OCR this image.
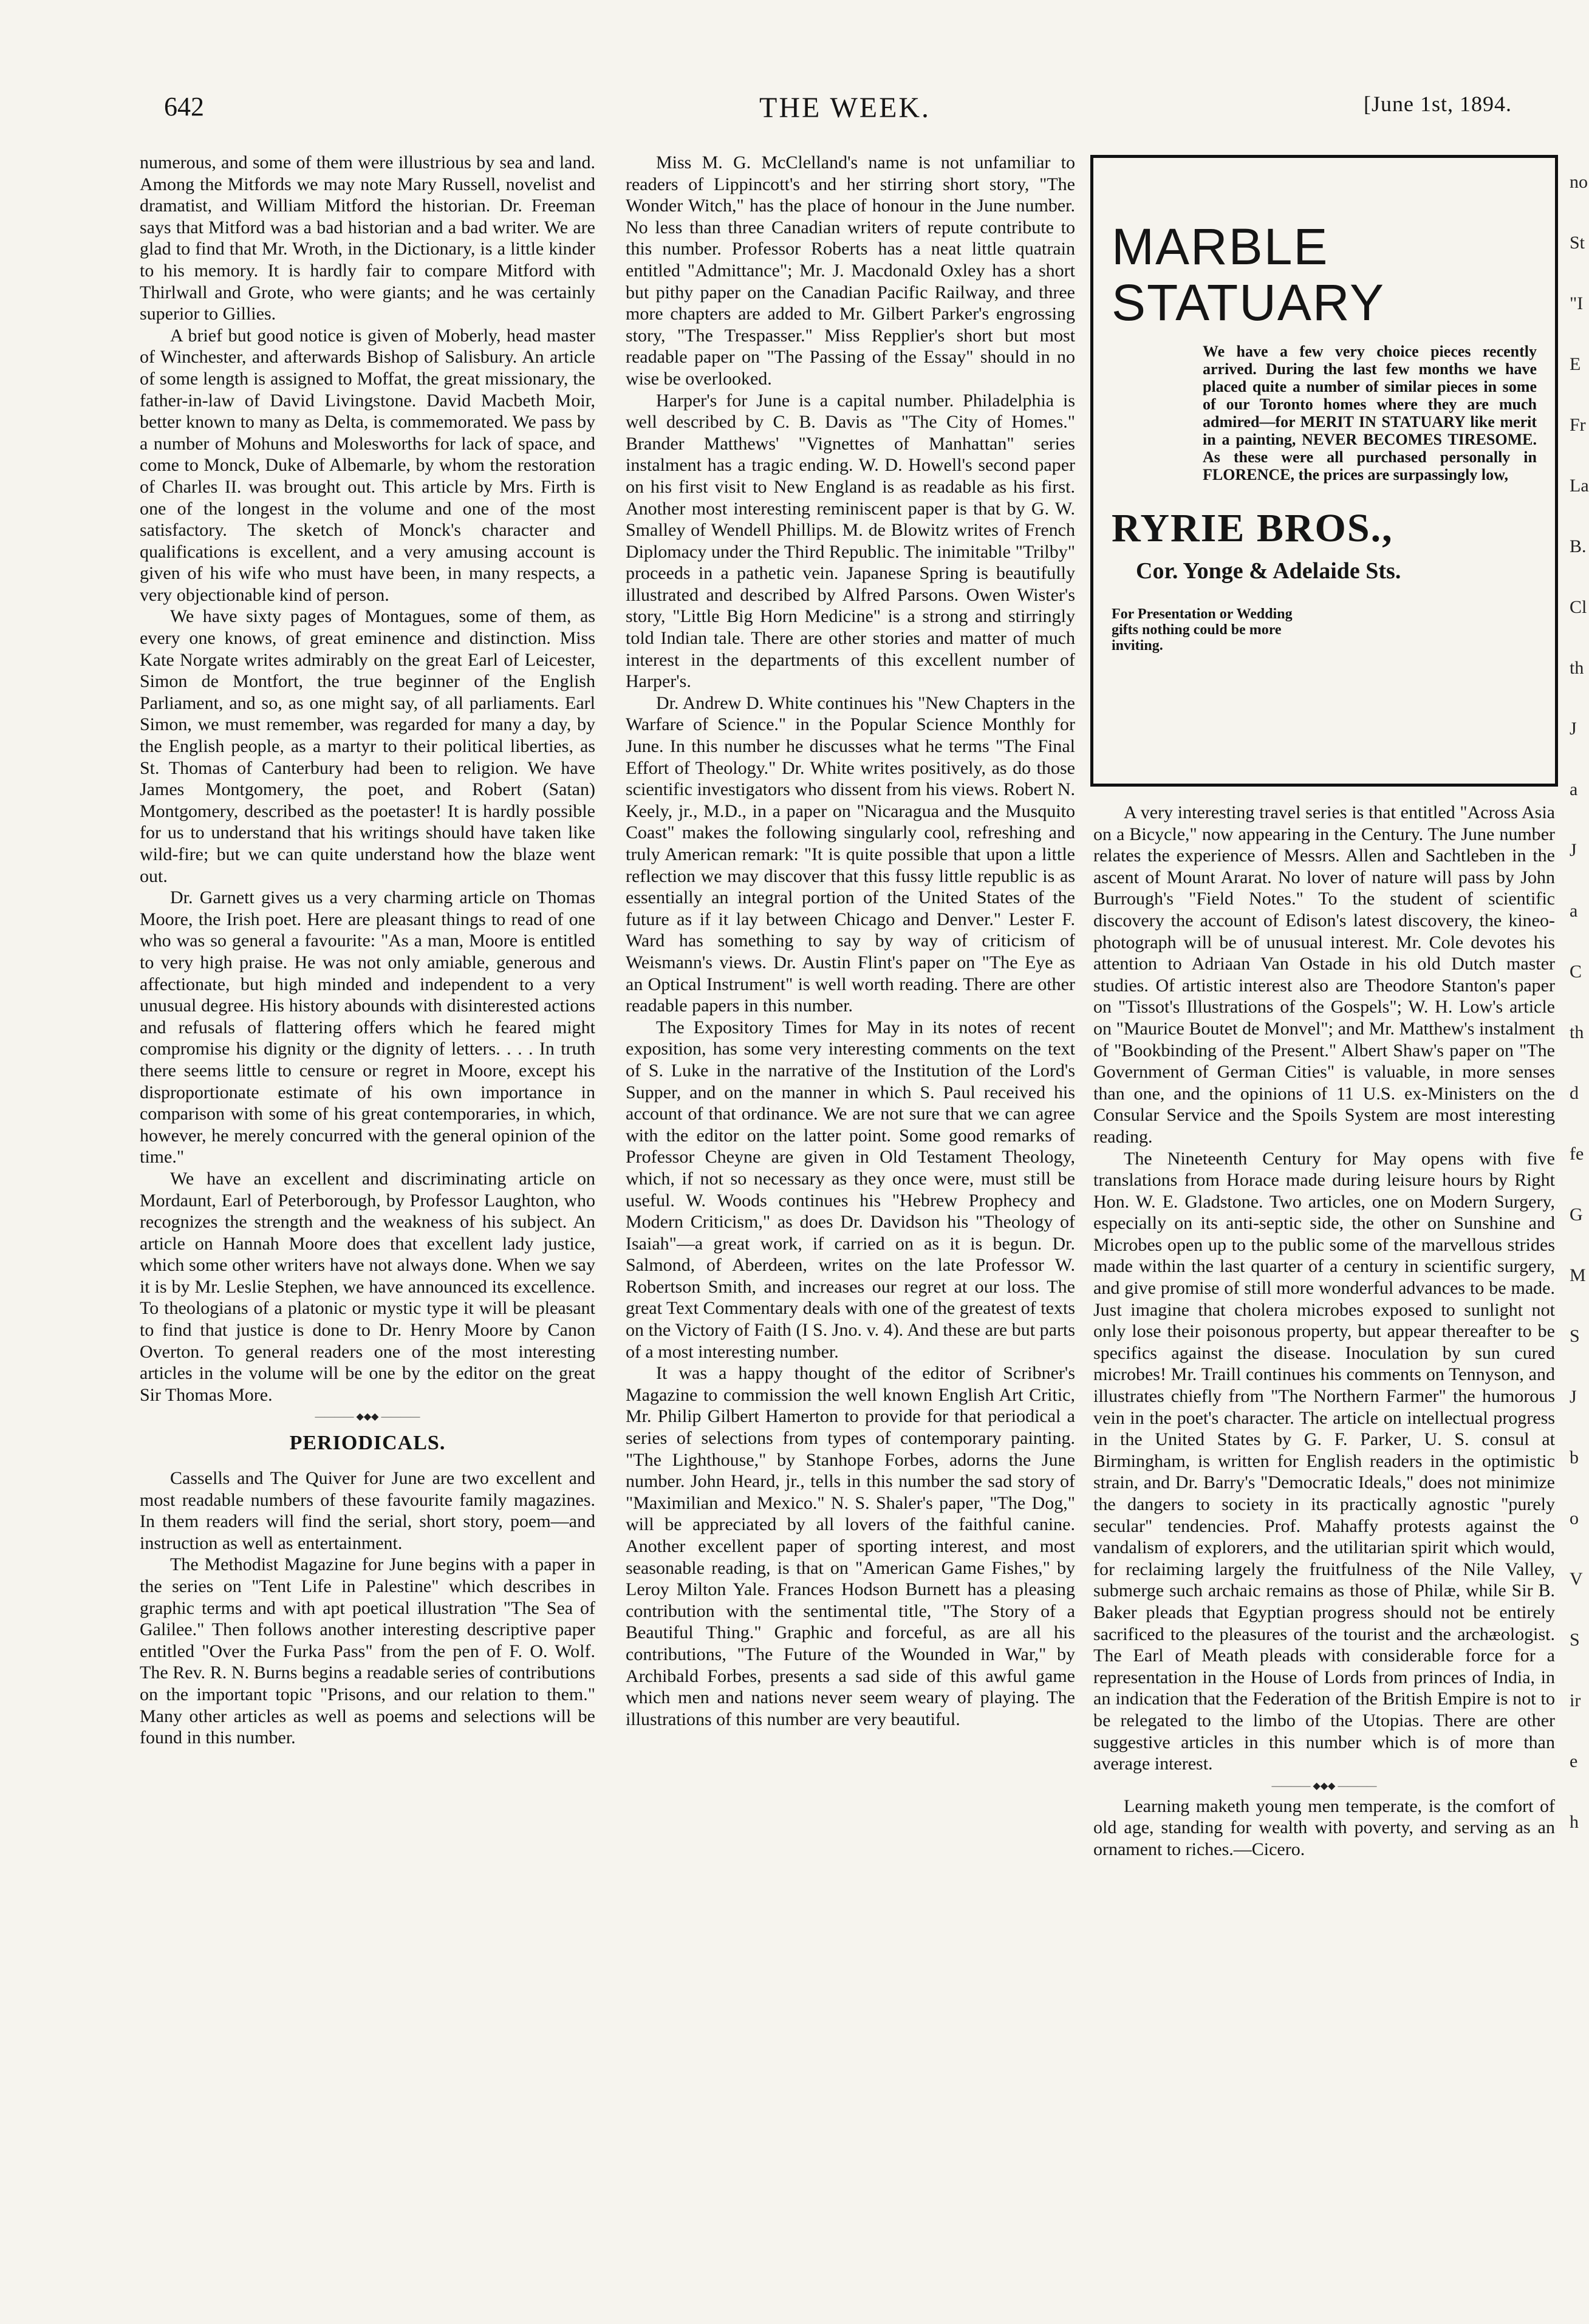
642	THE WEEK.	[June 1st, 1894.

numerous, and some of them were illustrious by sea and land. Among the Mitfords we may note Mary Russell, novelist and dramatist, and William Mitford the historian. Dr. Freeman says that Mitford was a bad historian and a bad writer. We are glad to find that Mr. Wroth, in the Dictionary, is a little kinder to his memory. It is hardly fair to compare Mitford with Thirlwall and Grote, who were giants; and he was certainly superior to Gillies.

A brief but good notice is given of Moberly, head master of Winchester, and afterwards Bishop of Salisbury. An article of some length is assigned to Moffat, the great missionary, the father-in-law of David Livingstone. David Macbeth Moir, better known to many as Delta, is commemorated. We pass by a number of Mohuns and Molesworths for lack of space, and come to Monck, Duke of Albemarle, by whom the restoration of Charles II. was brought out. This article by Mrs. Firth is one of the longest in the volume and one of the most satisfactory. The sketch of Monck's character and qualifications is excellent, and a very amusing account is given of his wife who must have been, in many respects, a very objectionable kind of person.

We have sixty pages of Montagues, some of them, as every one knows, of great eminence and distinction. Miss Kate Norgate writes admirably on the great Earl of Leicester, Simon de Montfort, the true beginner of the English Parliament, and so, as one might say, of all parliaments. Earl Simon, we must remember, was regarded for many a day, by the English people, as a martyr to their political liberties, as St. Thomas of Canterbury had been to religion. We have James Montgomery, the poet, and Robert (Satan) Montgomery, described as the poetaster! It is hardly possible for us to understand that his writings should have taken like wild-fire; but we can quite understand how the blaze went out.

Dr. Garnett gives us a very charming article on Thomas Moore, the Irish poet. Here are pleasant things to read of one who was so general a favourite: "As a man, Moore is entitled to very high praise. He was not only amiable, generous and affectionate, but high minded and independent to a very unusual degree. His history abounds with disinterested actions and refusals of flattering offers which he feared might compromise his dignity or the dignity of letters. . . . In truth there seems little to censure or regret in Moore, except his disproportionate estimate of his own importance in comparison with some of his great contemporaries, in which, however, he merely concurred with the general opinion of the time."

We have an excellent and discriminating article on Mordaunt, Earl of Peterborough, by Professor Laughton, who recognizes the strength and the weakness of his subject. An article on Hannah Moore does that excellent lady justice, which some other writers have not always done. When we say it is by Mr. Leslie Stephen, we have announced its excellence. To theologians of a platonic or mystic type it will be pleasant to find that justice is done to Dr. Henry Moore by Canon Overton. To general readers one of the most interesting articles in the volume will be one by the editor on the great Sir Thomas More.

———— ◆◆◆ ————
PERIODICALS.

Cassells and The Quiver for June are two excellent and most readable numbers of these favourite family magazines. In them readers will find the serial, short story, poem—and instruction as well as entertainment.

The Methodist Magazine for June begins with a paper in the series on "Tent Life in Palestine" which describes in graphic terms and with apt poetical illustration "The Sea of Galilee." Then follows another interesting descriptive paper entitled "Over the Furka Pass" from the pen of F. O. Wolf. The Rev. R. N. Burns begins a readable series of contributions on the important topic "Prisons, and our relation to them." Many other articles as well as poems and selections will be found in this number.

Miss M. G. McClelland's name is not unfamiliar to readers of Lippincott's and her stirring short story, "The Wonder Witch," has the place of honour in the June number. No less than three Canadian writers of repute contribute to this number. Professor Roberts has a neat little quatrain entitled "Admittance"; Mr. J. Macdonald Oxley has a short but pithy paper on the Canadian Pacific Railway, and three more chapters are added to Mr. Gilbert Parker's engrossing story, "The Trespasser." Miss Repplier's short but most readable paper on "The Passing of the Essay" should in no wise be overlooked.

Harper's for June is a capital number. Philadelphia is well described by C. B. Davis as "The City of Homes." Brander Matthews' "Vignettes of Manhattan" series instalment has a tragic ending. W. D. Howell's second paper on his first visit to New England is as readable as his first. Another most interesting reminiscent paper is that by G. W. Smalley of Wendell Phillips. M. de Blowitz writes of French Diplomacy under the Third Republic. The inimitable "Trilby" proceeds in a pathetic vein. Japanese Spring is beautifully illustrated and described by Alfred Parsons. Owen Wister's story, "Little Big Horn Medicine" is a strong and stirringly told Indian tale. There are other stories and matter of much interest in the departments of this excellent number of Harper's.

Dr. Andrew D. White continues his "New Chapters in the Warfare of Science." in the Popular Science Monthly for June. In this number he discusses what he terms "The Final Effort of Theology." Dr. White writes positively, as do those scientific investigators who dissent from his views. Robert N. Keely, jr., M.D., in a paper on "Nicaragua and the Musquito Coast" makes the following singularly cool, refreshing and truly American remark: "It is quite possible that upon a little reflection we may discover that this fussy little republic is as essentially an integral portion of the United States of the future as if it lay between Chicago and Denver." Lester F. Ward has something to say by way of criticism of Weismann's views. Dr. Austin Flint's paper on "The Eye as an Optical Instrument" is well worth reading. There are other readable papers in this number.

The Expository Times for May in its notes of recent exposition, has some very interesting comments on the text of S. Luke in the narrative of the Institution of the Lord's Supper, and on the manner in which S. Paul received his account of that ordinance. We are not sure that we can agree with the editor on the latter point. Some good remarks of Professor Cheyne are given in Old Testament Theology, which, if not so necessary as they once were, must still be useful. W. Woods continues his "Hebrew Prophecy and Modern Criticism," as does Dr. Davidson his "Theology of Isaiah"—a great work, if carried on as it is begun. Dr. Salmond, of Aberdeen, writes on the late Professor W. Robertson Smith, and increases our regret at our loss. The great Text Commentary deals with one of the greatest of texts on the Victory of Faith (I S. Jno. v. 4). And these are but parts of a most interesting number.

It was a happy thought of the editor of Scribner's Magazine to commission the well known English Art Critic, Mr. Philip Gilbert Hamerton to provide for that periodical a series of selections from types of contemporary painting. "The Lighthouse," by Stanhope Forbes, adorns the June number. John Heard, jr., tells in this number the sad story of "Maximilian and Mexico." N. S. Shaler's paper, "The Dog," will be appreciated by all lovers of the faithful canine. Another excellent paper of sporting interest, and most seasonable reading, is that on "American Game Fishes," by Leroy Milton Yale. Frances Hodson Burnett has a pleasing contribution with the sentimental title, "The Story of a Beautiful Thing." Graphic and forceful, as are all his contributions, "The Future of the Wounded in War," by Archibald Forbes, presents a sad side of this awful game which men and nations never seem weary of playing. The illustrations of this number are very beautiful.

MARBLE STATUARY
We have a few very choice pieces recently arrived. During the last few months we have placed quite a number of similar pieces in some of our Toronto homes where they are much admired—for MERIT IN STATUARY like merit in a painting, NEVER BECOMES TIRESOME. As these were all purchased personally in FLORENCE, the prices are surpassingly low,
RYRIE BROS.,
Cor. Yonge & Adelaide Sts.
For Presentation or Wedding gifts nothing could be more inviting.

A very interesting travel series is that entitled "Across Asia on a Bicycle," now appearing in the Century. The June number relates the experience of Messrs. Allen and Sachtleben in the ascent of Mount Ararat. No lover of nature will pass by John Burrough's "Field Notes." To the student of scientific discovery the account of Edison's latest discovery, the kineo-photograph will be of unusual interest. Mr. Cole devotes his attention to Adriaan Van Ostade in his old Dutch master studies. Of artistic interest also are Theodore Stanton's paper on "Tissot's Illustrations of the Gospels"; W. H. Low's article on "Maurice Boutet de Monvel"; and Mr. Matthew's instalment of "Bookbinding of the Present." Albert Shaw's paper on "The Government of German Cities" is valuable, in more senses than one, and the opinions of 11 U.S. ex-Ministers on the Consular Service and the Spoils System are most interesting reading.

The Nineteenth Century for May opens with five translations from Horace made during leisure hours by Right Hon. W. E. Gladstone. Two articles, one on Modern Surgery, especially on its anti-septic side, the other on Sunshine and Microbes open up to the public some of the marvellous strides made within the last quarter of a century in scientific surgery, and give promise of still more wonderful advances to be made. Just imagine that cholera microbes exposed to sunlight not only lose their poisonous property, but appear thereafter to be specifics against the disease. Inoculation by sun cured microbes! Mr. Traill continues his comments on Tennyson, and illustrates chiefly from "The Northern Farmer" the humorous vein in the poet's character. The article on intellectual progress in the United States by G. F. Parker, U. S. consul at Birmingham, is written for English readers in the optimistic strain, and Dr. Barry's "Democratic Ideals," does not minimize the dangers to society in its practically agnostic "purely secular" tendencies. Prof. Mahaffy protests against the vandalism of explorers, and the utilitarian spirit which would, for reclaiming largely the fruitfulness of the Nile Valley, submerge such archaic remains as those of Philæ, while Sir B. Baker pleads that Egyptian progress should not be entirely sacrificed to the pleasures of the tourist and the archæologist. The Earl of Meath pleads with considerable force for a representation in the House of Lords from princes of India, in an indication that the Federation of the British Empire is not to be relegated to the limbo of the Utopias. There are other suggestive articles in this number which is of more than average interest.

———— ◆◆◆ ————

Learning maketh young men temperate, is the comfort of old age, standing for wealth with poverty, and serving as an ornament to riches.—Cicero.

no
St
"I
E
Fr
La
B.
Cl
th
J
a
J
a
C
th
d
fe
G
M
S
J
b
o
V
S
ir
e
h
